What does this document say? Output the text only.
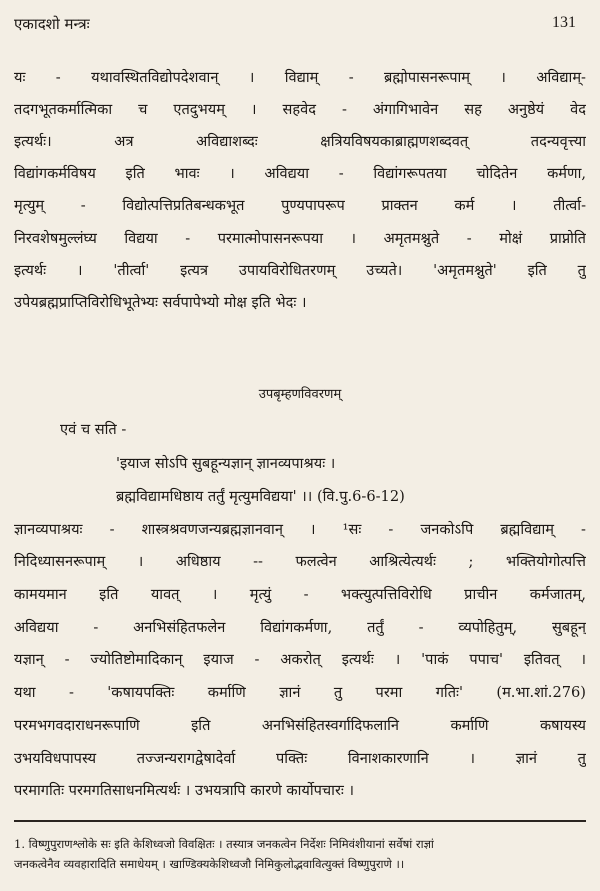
एकादशो मन्त्रः	131
यः - यथावस्थितविद्योपदेशवान् । विद्याम् - ब्रह्मोपासनरूपाम् । अविद्याम्-
तदगभूतकर्मात्मिका च एतदुभयम् । सहवेद - अंगागिभावेन सह अनुष्ठेयं वेद
इत्यर्थः। अत्र अविद्याशब्दः क्षत्रियविषयकाब्राह्मणशब्दवत् तदन्यवृत्त्या
विद्यांगकर्मविषय इति भावः । अविद्यया - विद्यांगरूपतया चोदितेन कर्मणा,
मृत्युम् - विद्योत्पत्तिप्रतिबन्धकभूत पुण्यपापरूप प्राक्तन कर्म । तीर्त्वा-
निरवशेषमुल्लंघ्य विद्यया - परमात्मोपासनरूपया । अमृतमश्नुते - मोक्षं प्राप्नोति
इत्यर्थः । 'तीर्त्वा' इत्यत्र उपायविरोधितरणम् उच्यते। 'अमृतमश्नुते' इति तु
उपेयब्रह्मप्राप्तिविरोधिभूतेभ्यः सर्वपापेभ्यो मोक्ष इति भेदः ।
उपबृम्हणविवरणम्
एवं च सति -
'इयाज सोऽपि सुबहून्यज्ञान् ज्ञानव्यपाश्रयः ।
ब्रह्मविद्यामधिष्ठाय तर्तुं मृत्युमविद्यया' ।। (वि.पु.6-6-12)
ज्ञानव्यपाश्रयः - शास्त्रश्रवणजन्यब्रह्मज्ञानवान् । ¹सः - जनकोऽपि ब्रह्मविद्याम् -
निदिध्यासनरूपाम् । अधिष्ठाय -- फलत्वेन आश्रित्येत्यर्थः ; भक्तियोगोत्पत्ति
कामयमान इति यावत् । मृत्युं - भक्त्युत्पत्तिविरोधि प्राचीन कर्मजातम्,
अविद्यया - अनभिसंहितफलेन विद्यांगकर्मणा, तर्तुं - व्यपोहितुम्, सुबहून्
यज्ञान् - ज्योतिष्टोमादिकान् इयाज - अकरोत् इत्यर्थः । 'पाकं पपाच' इतिवत् ।
यथा - 'कषायपक्तिः कर्माणि ज्ञानं तु परमा गतिः' (म.भा.शां.276)
परमभगवदाराधनरूपाणि इति अनभिसंहितस्वर्गादिफलानि कर्माणि कषायस्य
उभयविधपापस्य तज्जन्यरागद्वेषादेर्वा पक्तिः विनाशकारणानि । ज्ञानं तु
परमागतिः परमगतिसाधनमित्यर्थः । उभयत्रापि कारणे कार्योपचारः ।
1. विष्णुपुराणश्लोके सः इति केशिध्वजो विवक्षितः । तस्यात्र जनकत्वेन निर्देशः निमिवंशीयानां सर्वेषां राज्ञां
जनकत्वेनैव व्यवहारादिति समाधेयम् । खाण्डिक्यकेशिध्वजौ निमिकुलोद्भवावित्युक्तं विष्णुपुराणे ।।
